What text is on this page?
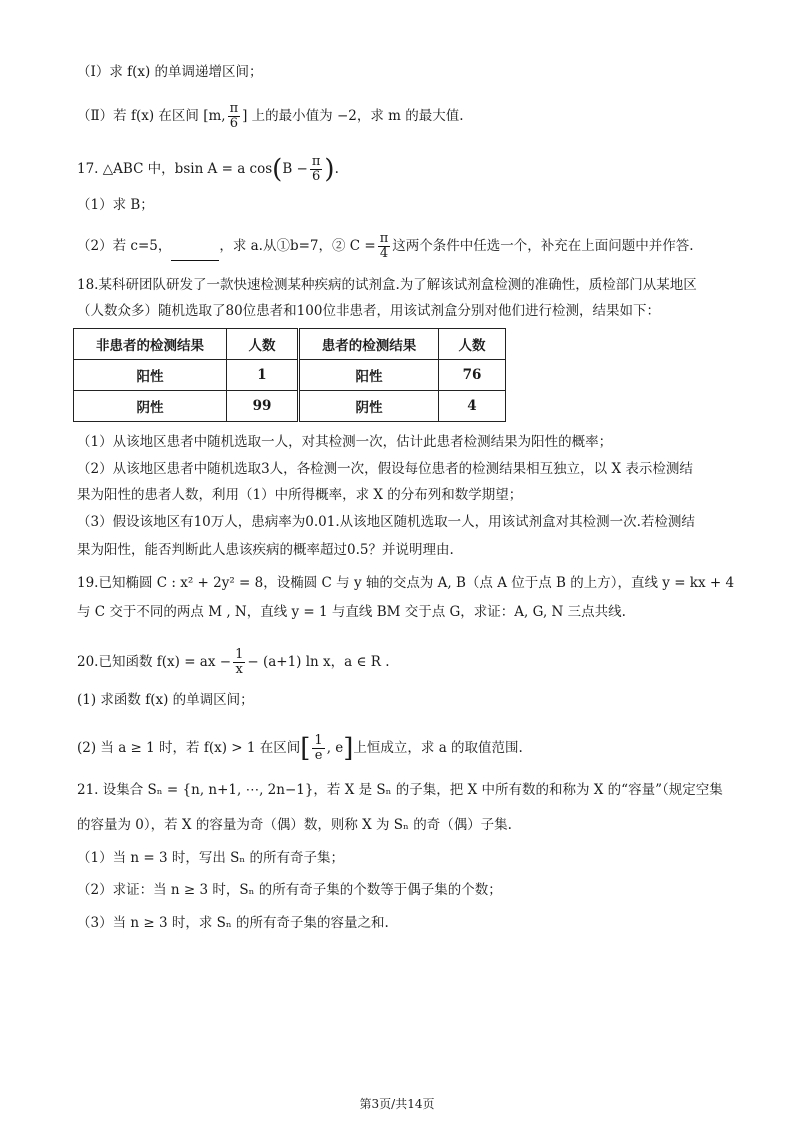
（Ⅰ）求 f(x) 的单调递增区间；
（Ⅱ）若 f(x) 在区间 [m, $\frac{\pi}{6}$ ] 上的最小值为 −2，求 m 的最大值.
17. △ABC 中，bsin A = a $\cos(B - \frac{\pi}{6}$ ).
（1）求 B；
（2）若 c=5，	，求 a.从①b=7，② $C = \frac{\pi}{4}$ 这两个条件中任选一个，补充在上面问题中并作答.
18.某科研团队研发了一款快速检测某种疾病的试剂盒.为了解该试剂盒检测的准确性，质检部门从某地区
（人数众多）随机选取了80位患者和100位非患者，用该试剂盒分别对他们进行检测，结果如下：
非患者的检测结果	人数
阳性	1
阴性	99
患者的检测结果	人数
阳性	76
阴性	4
（1）从该地区患者中随机选取一人，对其检测一次，估计此患者检测结果为阳性的概率；
（2）从该地区患者中随机选取3人，各检测一次，假设每位患者的检测结果相互独立，以 X 表示检测结
果为阳性的患者人数，利用（1）中所得概率，求 X 的分布列和数学期望；
（3）假设该地区有10万人，患病率为0.01.从该地区随机选取一人，用该试剂盒对其检测一次.若检测结
果为阳性，能否判断此人患该疾病的概率超过0.5？并说明理由.
19.已知椭圆 C : x² + 2y² = 8，设椭圆 C 与 y 轴的交点为 A, B（点 A 位于点 B 的上方），直线 y = kx + 4
与 C 交于不同的两点 M , N，直线 y = 1 与直线 BM 交于点 G，求证：A, G, N 三点共线.
20.已知函数 f(x) = ax − $\frac{1}{x} - (a+1)$ ln x，a ∈ R .
(1) 求函数 f(x) 的单调区间；
(2) 当 a ≥ 1 时，若 f(x) > 1 在区间[ $\frac{1}{e}$ , e]上恒成立，求 a 的取值范围.
21. 设集合 Sₙ = {n, n+1, ⋯, 2n−1}，若 X 是 Sₙ 的子集，把 X 中所有数的和称为 X 的“容量”（规定空集
的容量为 0），若 X 的容量为奇（偶）数，则称 X 为 Sₙ 的奇（偶）子集.
（1）当 n = 3 时，写出 Sₙ 的所有奇子集；
（2）求证：当 n ≥ 3 时，Sₙ 的所有奇子集的个数等于偶子集的个数；
（3）当 n ≥ 3 时，求 Sₙ 的所有奇子集的容量之和.
第3页/共14页
